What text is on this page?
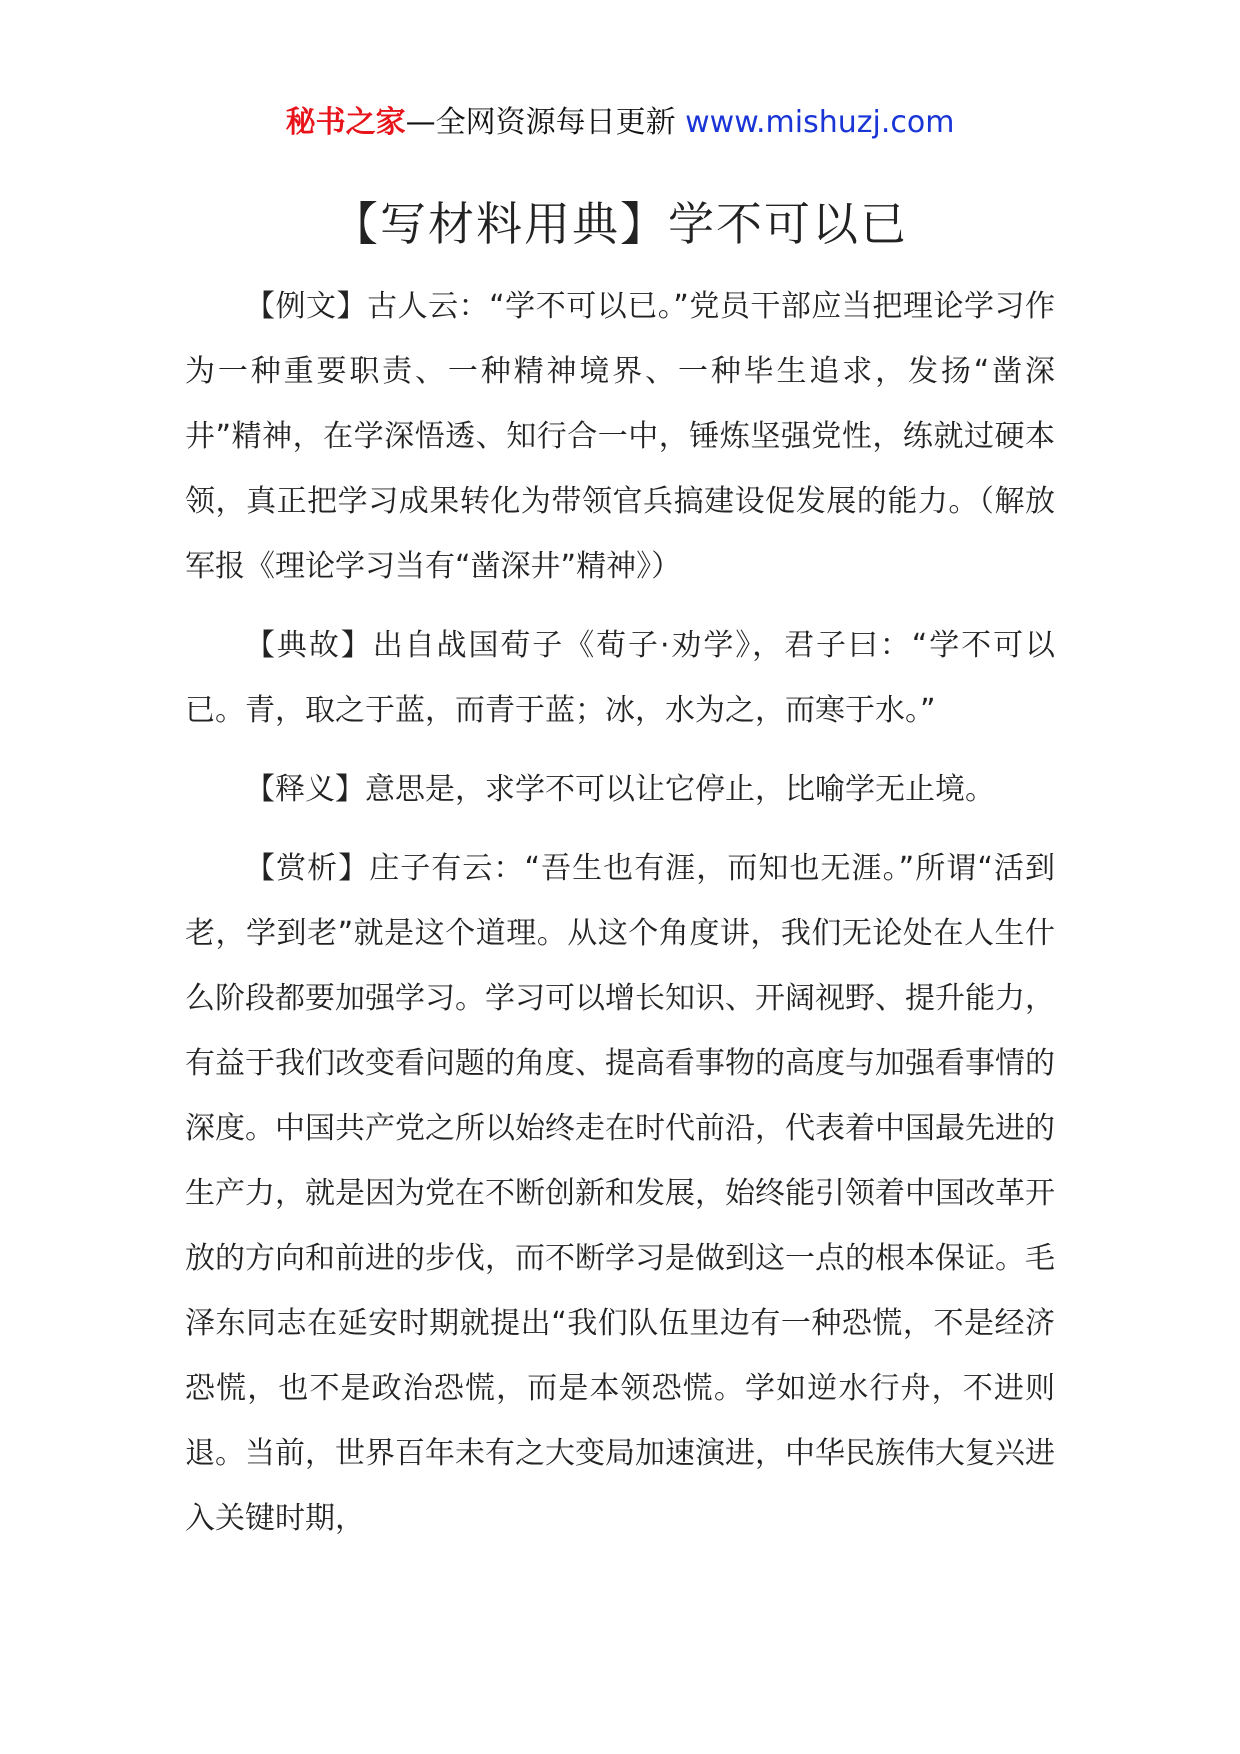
秘书之家—全网资源每日更新 www.mishuzj.com
【写材料用典】学不可以已

【例文】古人云：“学不可以已。”党员干部应当把理论学习作为一种重要职责、一种精神境界、一种毕生追求，发扬“凿深井”精神，在学深悟透、知行合一中，锤炼坚强党性，练就过硬本领，真正把学习成果转化为带领官兵搞建设促发展的能力。（解放军报《理论学习当有“凿深井”精神》）

【典故】出自战国荀子《荀子·劝学》，君子曰：“学不可以已。青，取之于蓝，而青于蓝；冰，水为之，而寒于水。”

【释义】意思是，求学不可以让它停止，比喻学无止境。

【赏析】庄子有云：“吾生也有涯，而知也无涯。”所谓“活到老，学到老”就是这个道理。从这个角度讲，我们无论处在人生什么阶段都要加强学习。学习可以增长知识、开阔视野、提升能力，有益于我们改变看问题的角度、提高看事物的高度与加强看事情的深度。中国共产党之所以始终走在时代前沿，代表着中国最先进的生产力，就是因为党在不断创新和发展，始终能引领着中国改革开放的方向和前进的步伐，而不断学习是做到这一点的根本保证。毛泽东同志在延安时期就提出“我们队伍里边有一种恐慌，不是经济恐慌，也不是政治恐慌，而是本领恐慌。学如逆水行舟，不进则退。当前，世界百年未有之大变局加速演进，中华民族伟大复兴进入关键时期，
